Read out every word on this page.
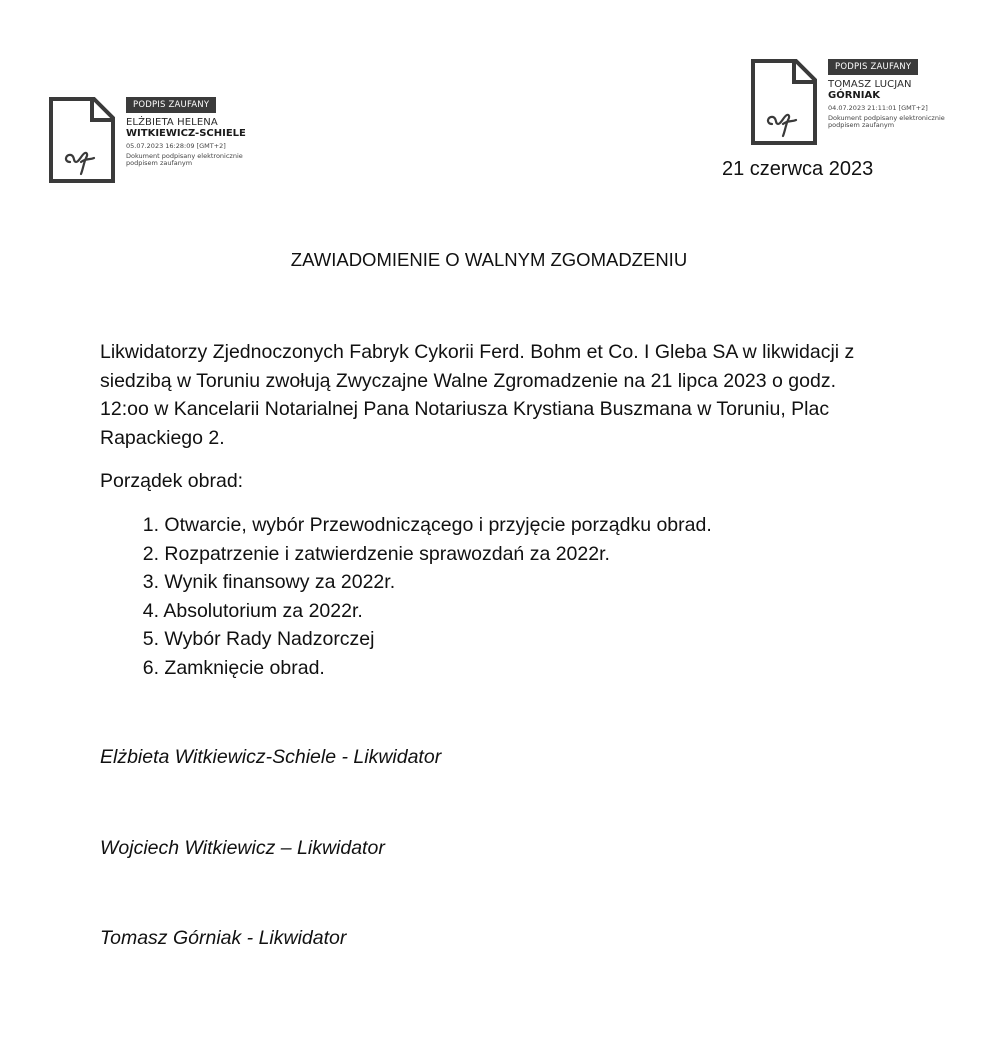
PODPIS ZAUFANY
ELŻBIETA HELENA
WITKIEWICZ-SCHIELE
05.07.2023 16:28:09 [GMT+2]
Dokument podpisany elektronicznie podpisem zaufanym
PODPIS ZAUFANY
TOMASZ LUCJAN
GÓRNIAK
04.07.2023 21:11:01 [GMT+2]
Dokument podpisany elektronicznie podpisem zaufanym
21 czerwca 2023
ZAWIADOMIENIE O WALNYM ZGOMADZENIU

Likwidatorzy Zjednoczonych Fabryk Cykorii Ferd. Bohm et Co. I Gleba SA w likwidacji z siedzibą w Toruniu zwołują Zwyczajne Walne Zgromadzenie na 21 lipca 2023 o godz. 12:oo w Kancelarii Notarialnej Pana Notariusza Krystiana Buszmana w Toruniu, Plac Rapackiego 2.

Porządek obrad:
1. Otwarcie, wybór Przewodniczącego i przyjęcie porządku obrad.
2. Rozpatrzenie i zatwierdzenie sprawozdań za 2022r.
3. Wynik finansowy za 2022r.
4. Absolutorium za 2022r.
5. Wybór Rady Nadzorczej
6. Zamknięcie obrad.
Elżbieta Witkiewicz-Schiele - Likwidator
Wojciech Witkiewicz – Likwidator
Tomasz Górniak - Likwidator
